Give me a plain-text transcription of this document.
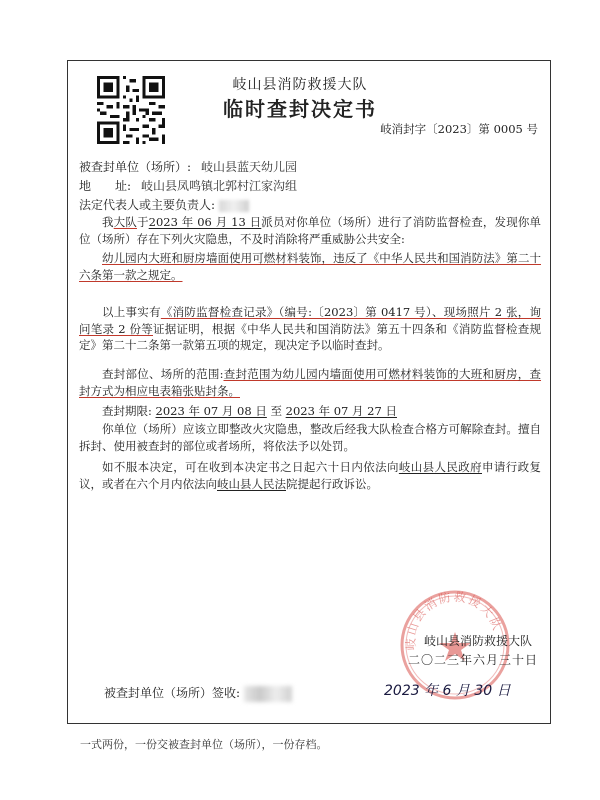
岐山县消防救援大队
临时查封决定书
岐消封字〔2023〕第 0005 号
被查封单位（场所）: 岐山县蓝天幼儿园
地　　址: 岐山县凤鸣镇北郭村江家沟组
法定代表人或主要负责人:
我大队于2023 年 06 月 13 日派员对你单位（场所）进行了消防监督检查，发现你单位（场所）存在下列火灾隐患，不及时消除将严重威胁公共安全:
幼儿园内大班和厨房墙面使用可燃材料装饰，违反了《中华人民共和国消防法》第二十六条第一款之规定。
以上事实有《消防监督检查记录》（编号:〔2023〕第 0417 号）、现场照片 2 张，询问笔录 2 份等证据证明，根据《中华人民共和国消防法》第五十四条和《消防监督检查规定》第二十二条第一款第五项的规定，现决定予以临时查封。
查封部位、场所的范围:查封范围为幼儿园内墙面使用可燃材料装饰的大班和厨房，查封方式为相应电表箱张贴封条。
查封期限: 2023 年 07 月 08 日 至 2023 年 07 月 27 日
你单位（场所）应该立即整改火灾隐患，整改后经我大队检查合格方可解除查封。擅自拆封、使用被查封的部位或者场所，将依法予以处罚。
如不服本决定，可在收到本决定书之日起六十日内依法向岐山县人民政府申请行政复议，或者在六个月内依法向岐山县人民法院提起行政诉讼。
岐山县消防救援大队
岐山县消防救援大队
二〇二三年六月三十日
被查封单位（场所）签收:	2023 年 6 月 30 日
一式两份，一份交被查封单位（场所），一份存档。
